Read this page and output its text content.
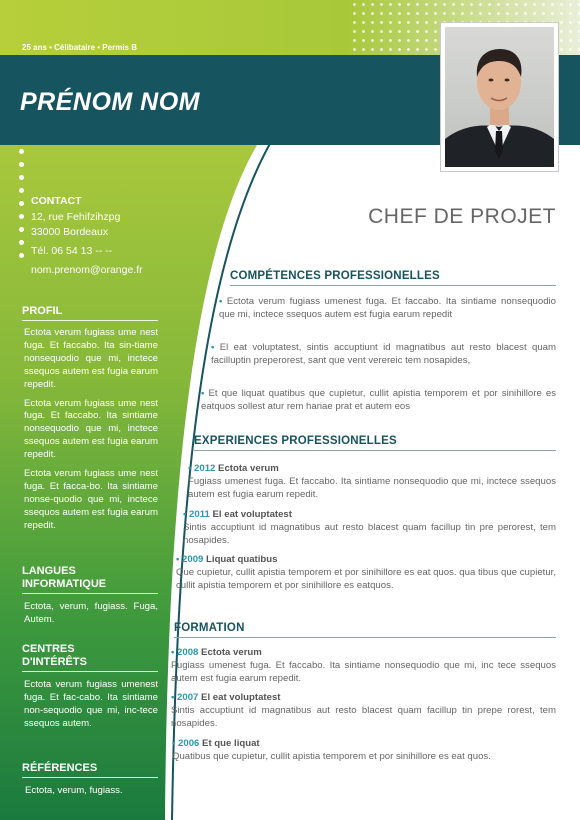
25 ans • Célibataire • Permis B
PRÉNOM NOM
CHEF DE PROJET
CONTACT
12, rue Fehifzihzpg
33000 Bordeaux
Tél. 06 54 13 -- --
nom.prenom@orange.fr
PROFIL

Ectota verum fugiass ume nest fuga. Et faccabo. Ita sin-tiame nonsequodio que mi, inctece ssequos autem est fugia earum repedit.

Ectota verum fugiass ume nest fuga. Et faccabo. Ita sintiame nonsequodio que mi, inctece ssequos autem est fugia earum repedit.

Ectota verum fugiass ume nest fuga. Et facca-bo. Ita sintiame nonse-quodio que mi, inctece ssequos autem est fugia earum repedit.

LANGUES
INFORMATIQUE
Ectota, verum, fugiass. Fuga, Autem.
CENTRES
D'INTÉRÊTS
Ectota verum fugiass umenest fuga. Et fac-cabo. Ita sintiame non-sequodio que mi, inc-tece ssequos autem.
RÉFÉRENCES
Ectota, verum, fugiass.
COMPÉTENCES PROFESSIONELLES
• Ectota verum fugiass umenest fuga. Et faccabo. Ita sintiame nonsequodio que mi, inctece ssequos autem est fugia earum repedit
• El eat voluptatest, sintis accuptiunt id magnatibus aut resto blacest quam facilluptin preperorest, sant que vent verereic tem nosapides,
• Et que liquat quatibus que cupietur, cullit apistia temporem et por sinihillore es eatquos sollest atur rem hariae prat et autem eos
EXPERIENCES PROFESSIONELLES
• 2012 Ectota verum
Fugiass umenest fuga. Et faccabo. Ita sintiame nonsequodio que mi, inctece ssequos autem est fugia earum repedit.
• 2011 El eat voluptatest
Sintis accuptiunt id magnatibus aut resto blacest quam facillup tin pre perorest, tem nosapides.
• 2009 Liquat quatibus
Que cupietur, cullit apistia temporem et por sinihillore es eat quos. qua tibus que cupietur, cullit apistia temporem et por sinihillore es eatquos.
FORMATION
• 2008 Ectota verum
Fugiass umenest fuga. Et faccabo. Ita sintiame nonsequodio que mi, inc tece ssequos autem est fugia earum repedit.
• 2007 El eat voluptatest
Sintis accuptiunt id magnatibus aut resto blacest quam facillup tin prepe rorest, tem nosapides.
• 2006 Et que liquat
Quatibus que cupietur, cullit apistia temporem et por sinihillore es eat quos.
